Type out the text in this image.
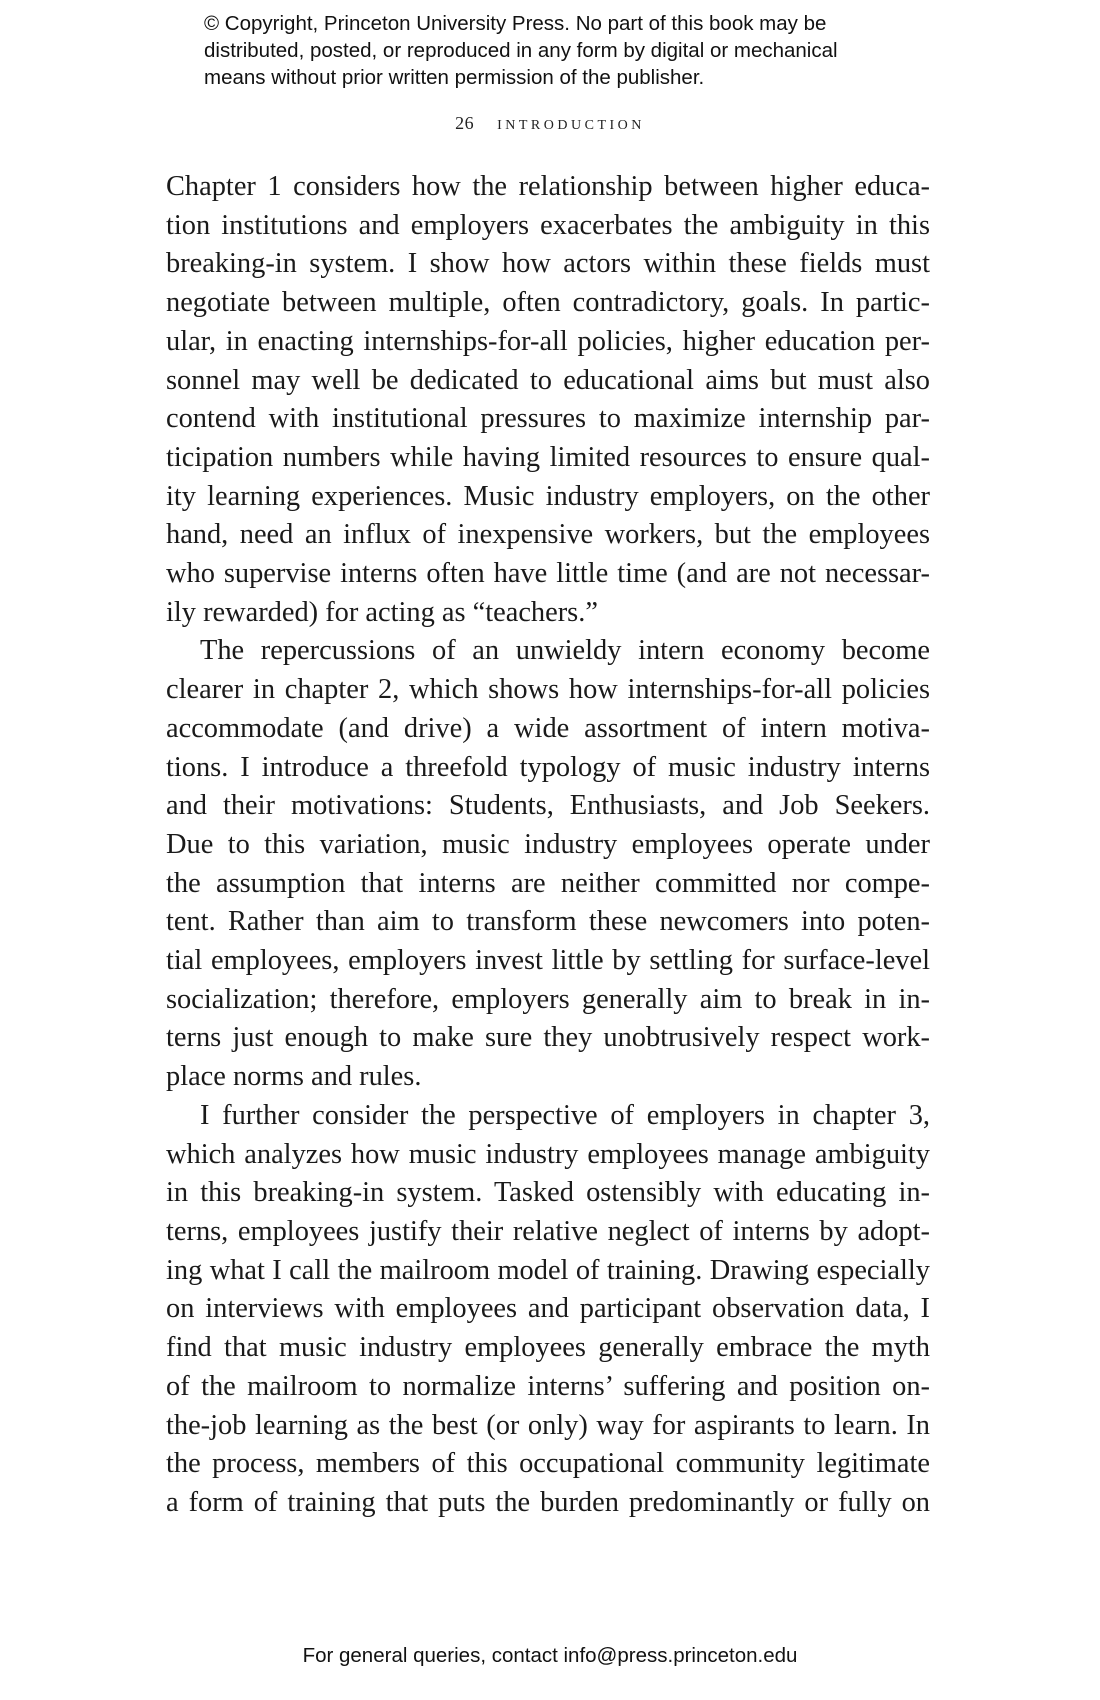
© Copyright, Princeton University Press. No part of this book may be
distributed, posted, or reproduced in any form by digital or mechanical
means without prior written permission of the publisher.
26 introduction
Chapter 1 considers how the relationship between higher educa-
tion institutions and employers exacerbates the ambiguity in this
breaking-in system. I show how actors within these fields must
negotiate between multiple, often contradictory, goals. In partic-
ular, in enacting internships-for-all policies, higher education per-
sonnel may well be dedicated to educational aims but must also
contend with institutional pressures to maximize internship par-
ticipation numbers while having limited resources to ensure qual-
ity learning experiences. Music industry employers, on the other
hand, need an influx of inexpensive workers, but the employees
who supervise interns often have little time (and are not necessar-
ily rewarded) for acting as “teachers.”
The repercussions of an unwieldy intern economy become
clearer in chapter 2, which shows how internships-for-all policies
accommodate (and drive) a wide assortment of intern motiva-
tions. I introduce a threefold typology of music industry interns
and their motivations: Students, Enthusiasts, and Job Seekers.
Due to this variation, music industry employees operate under
the assumption that interns are neither committed nor compe-
tent. Rather than aim to transform these newcomers into poten-
tial employees, employers invest little by settling for surface-level
socialization; therefore, employers generally aim to break in in-
terns just enough to make sure they unobtrusively respect work-
place norms and rules.
I further consider the perspective of employers in chapter 3,
which analyzes how music industry employees manage ambiguity
in this breaking-in system. Tasked ostensibly with educating in-
terns, employees justify their relative neglect of interns by adopt-
ing what I call the mailroom model of training. Drawing especially
on interviews with employees and participant observation data, I
find that music industry employees generally embrace the myth
of the mailroom to normalize interns’ suffering and position on-
the-job learning as the best (or only) way for aspirants to learn. In
the process, members of this occupational community legitimate
a form of training that puts the burden predominantly or fully on
For general queries, contact info@press.princeton.edu
